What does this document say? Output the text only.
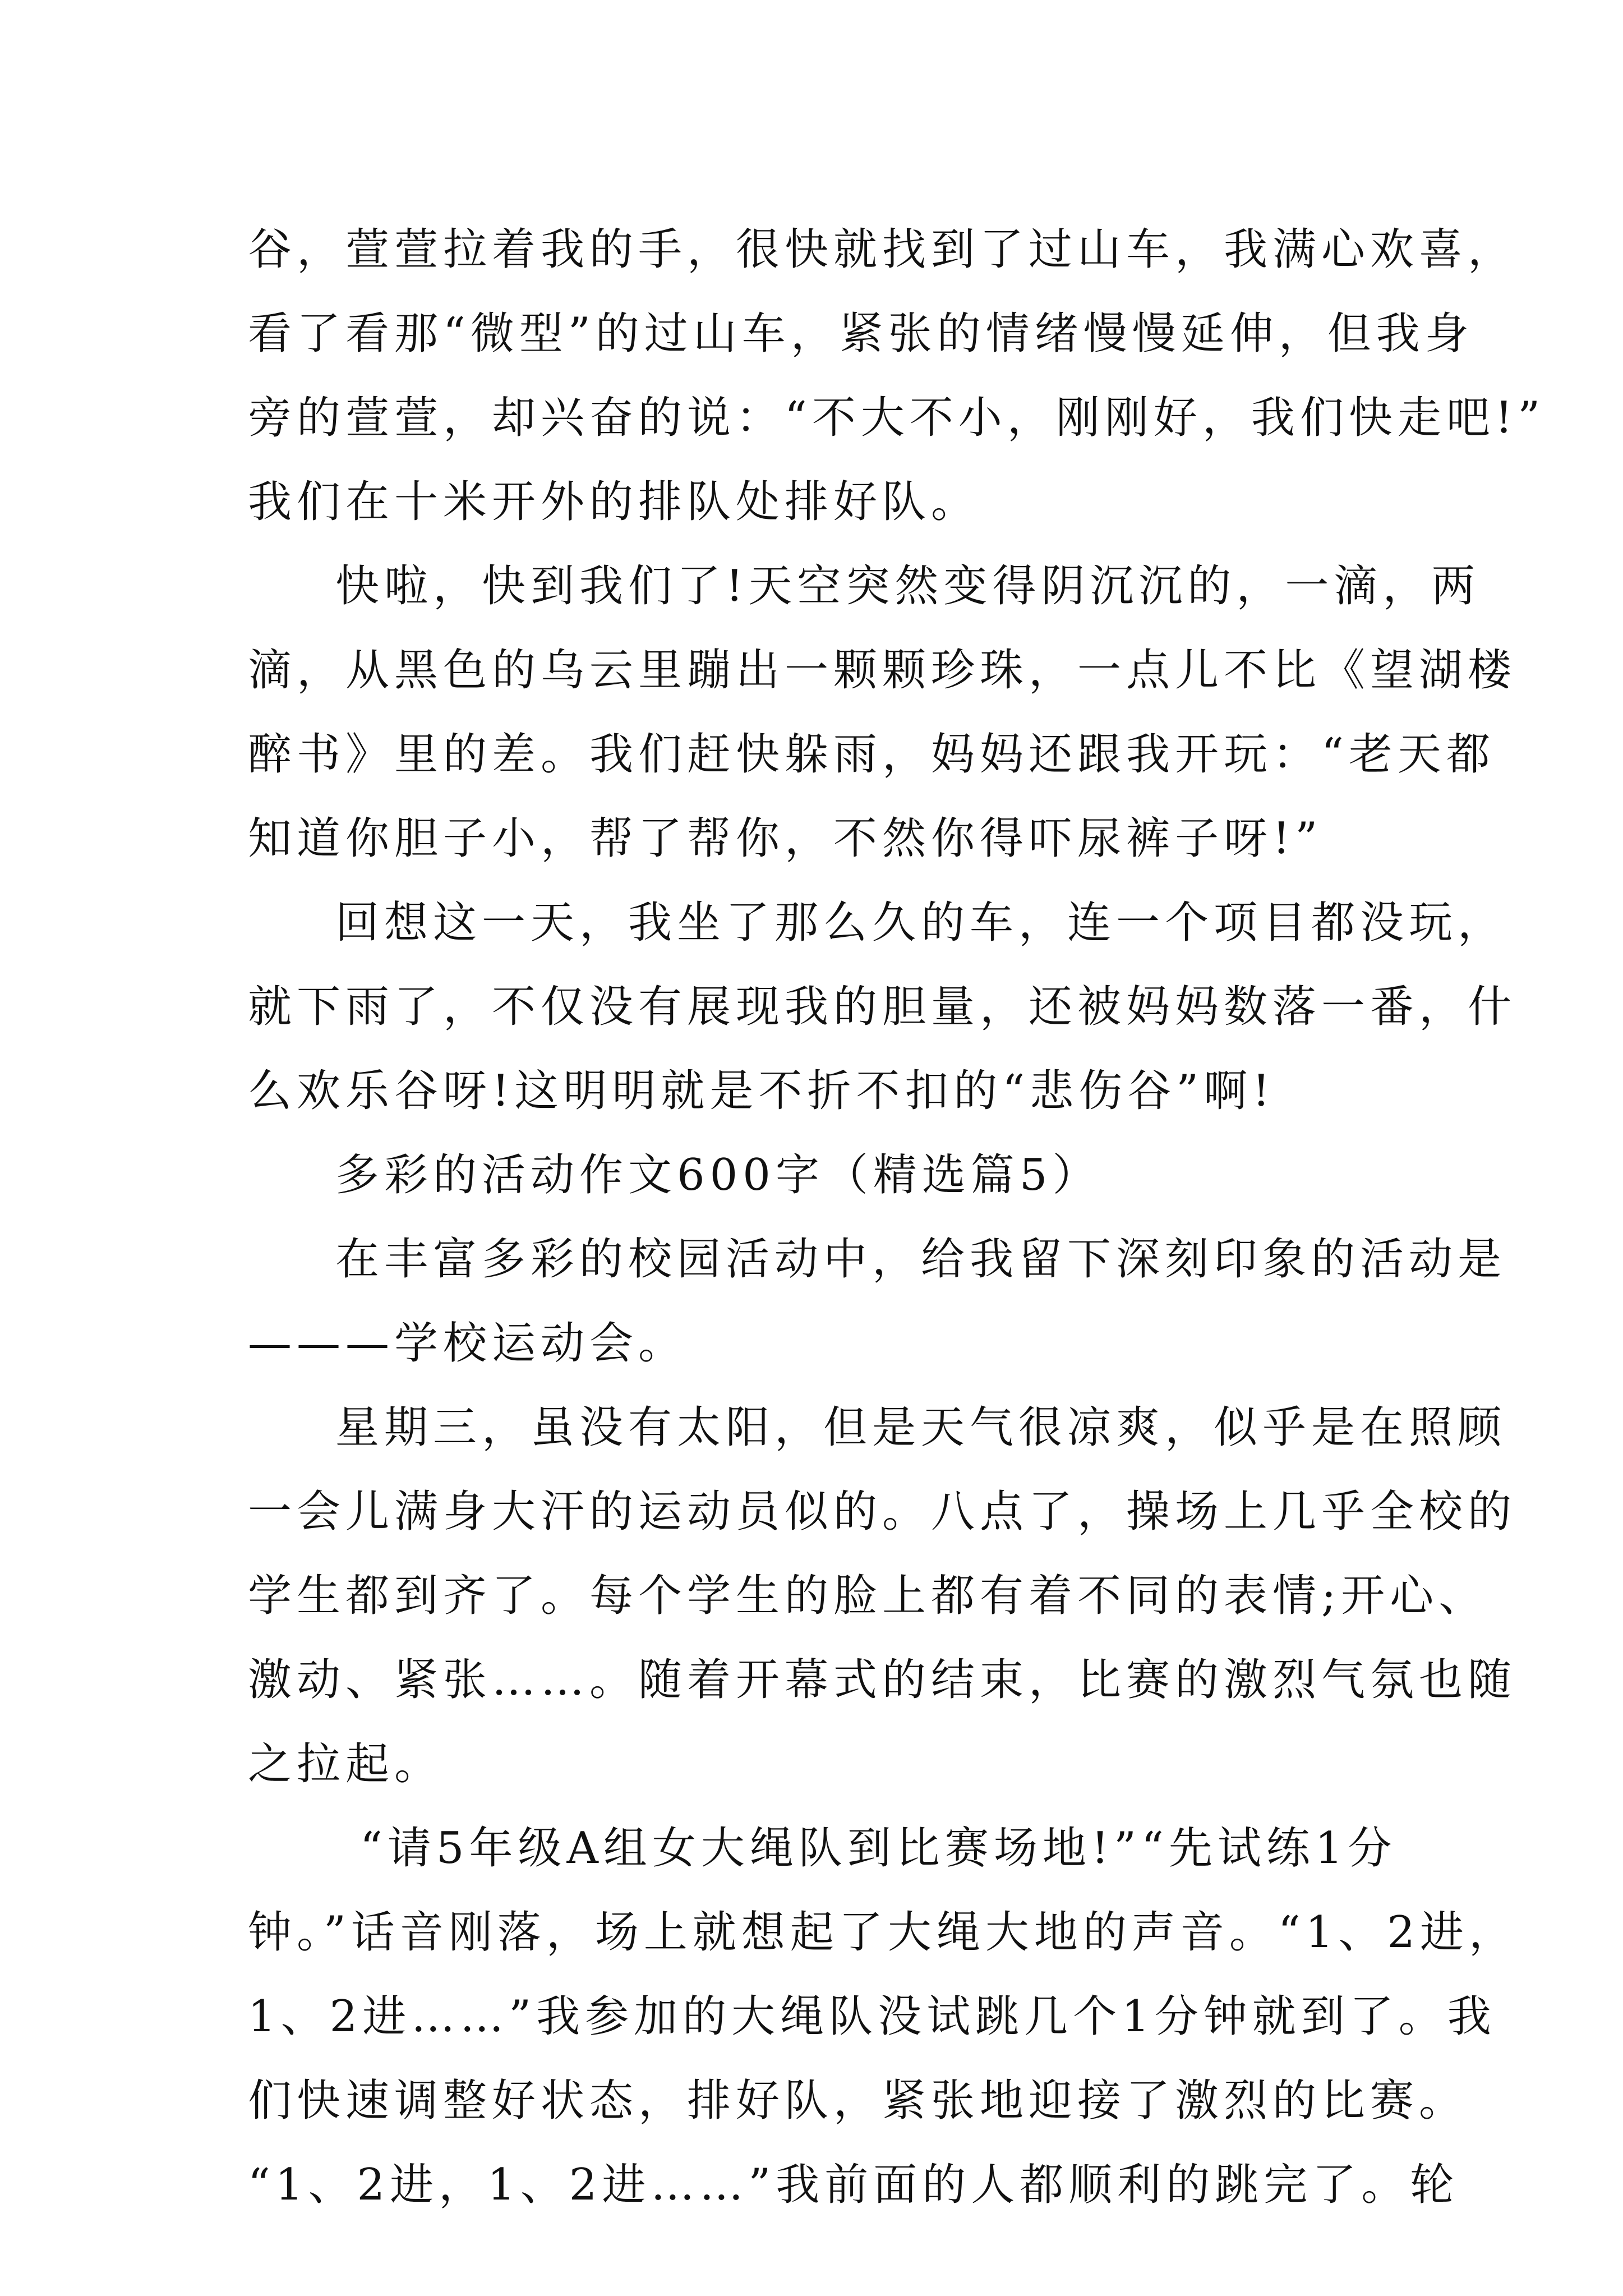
谷，萱萱拉着我的手，很快就找到了过山车，我满心欢喜，
看了看那“微型”的过山车，紧张的情绪慢慢延伸，但我身
旁的萱萱，却兴奋的说：“不大不小，刚刚好，我们快走吧!”
我们在十米开外的排队处排好队。
快啦，快到我们了!天空突然变得阴沉沉的，一滴，两
滴，从黑色的乌云里蹦出一颗颗珍珠，一点儿不比《望湖楼
醉书》里的差。我们赶快躲雨，妈妈还跟我开玩：“老天都
知道你胆子小，帮了帮你，不然你得吓尿裤子呀!”
回想这一天，我坐了那么久的车，连一个项目都没玩，
就下雨了，不仅没有展现我的胆量，还被妈妈数落一番，什
么欢乐谷呀!这明明就是不折不扣的“悲伤谷”啊!
多彩的活动作文600字（精选篇5）
在丰富多彩的校园活动中，给我留下深刻印象的活动是
———学校运动会。
星期三，虽没有太阳，但是天气很凉爽，似乎是在照顾
一会儿满身大汗的运动员似的。八点了，操场上几乎全校的
学生都到齐了。每个学生的脸上都有着不同的表情;开心、
激动、紧张……。随着开幕式的结束，比赛的激烈气氛也随
之拉起。
“请5年级A组女大绳队到比赛场地!”“先试练1分
钟。”话音刚落，场上就想起了大绳大地的声音。“1、2进，
1、2进……”我参加的大绳队没试跳几个1分钟就到了。我
们快速调整好状态，排好队，紧张地迎接了激烈的比赛。
“1、2进，1、2进……”我前面的人都顺利的跳完了。轮
